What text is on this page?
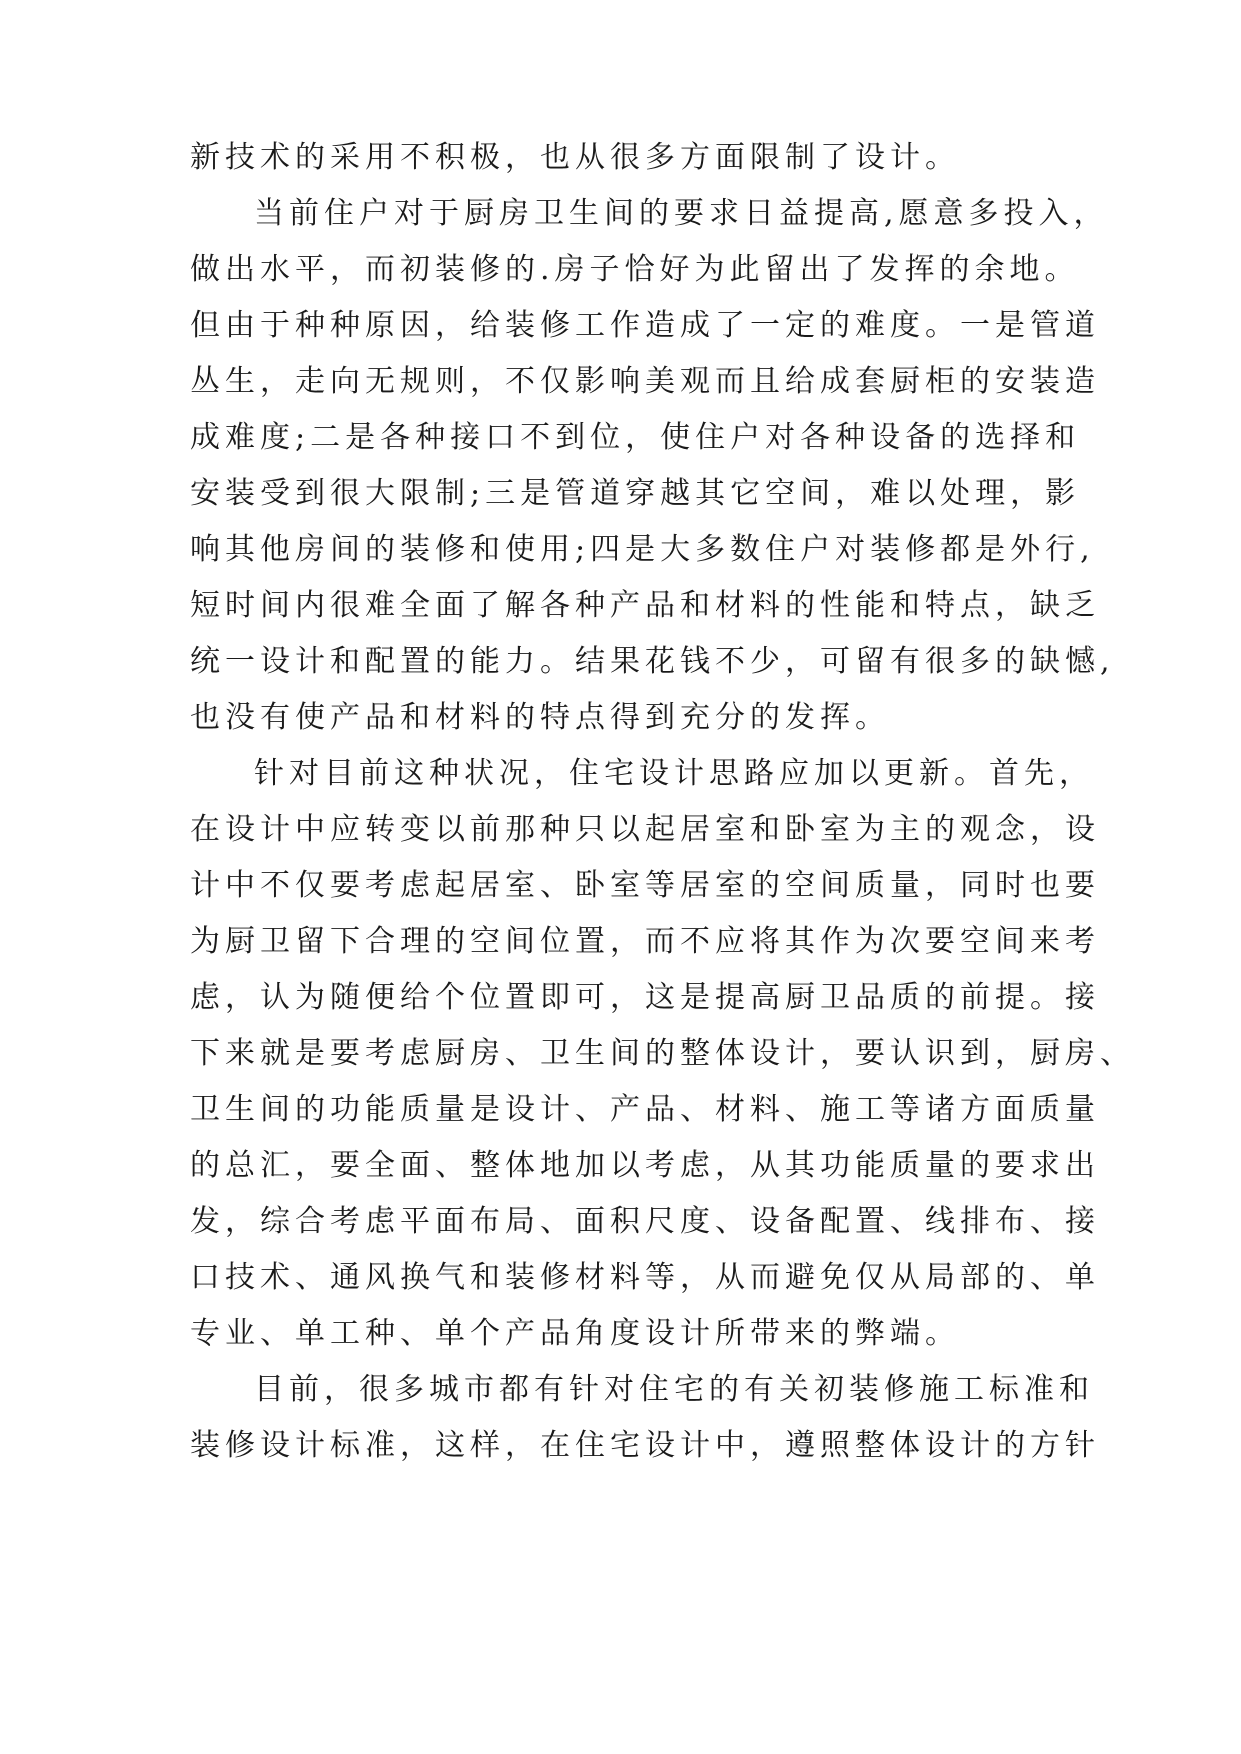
新技术的采用不积极，也从很多方面限制了设计。
当前住户对于厨房卫生间的要求日益提高,愿意多投入，
做出水平，而初装修的.房子恰好为此留出了发挥的余地。
但由于种种原因，给装修工作造成了一定的难度。一是管道
丛生，走向无规则，不仅影响美观而且给成套厨柜的安装造
成难度;二是各种接口不到位，使住户对各种设备的选择和
安装受到很大限制;三是管道穿越其它空间，难以处理，影
响其他房间的装修和使用;四是大多数住户对装修都是外行,
短时间内很难全面了解各种产品和材料的性能和特点，缺乏
统一设计和配置的能力。结果花钱不少，可留有很多的缺憾,
也没有使产品和材料的特点得到充分的发挥。
针对目前这种状况，住宅设计思路应加以更新。首先，
在设计中应转变以前那种只以起居室和卧室为主的观念，设
计中不仅要考虑起居室、卧室等居室的空间质量，同时也要
为厨卫留下合理的空间位置，而不应将其作为次要空间来考
虑，认为随便给个位置即可，这是提高厨卫品质的前提。接
下来就是要考虑厨房、卫生间的整体设计，要认识到，厨房、
卫生间的功能质量是设计、产品、材料、施工等诸方面质量
的总汇，要全面、整体地加以考虑，从其功能质量的要求出
发，综合考虑平面布局、面积尺度、设备配置、线排布、接
口技术、通风换气和装修材料等，从而避免仅从局部的、单
专业、单工种、单个产品角度设计所带来的弊端。
目前，很多城市都有针对住宅的有关初装修施工标准和
装修设计标准，这样，在住宅设计中，遵照整体设计的方针
